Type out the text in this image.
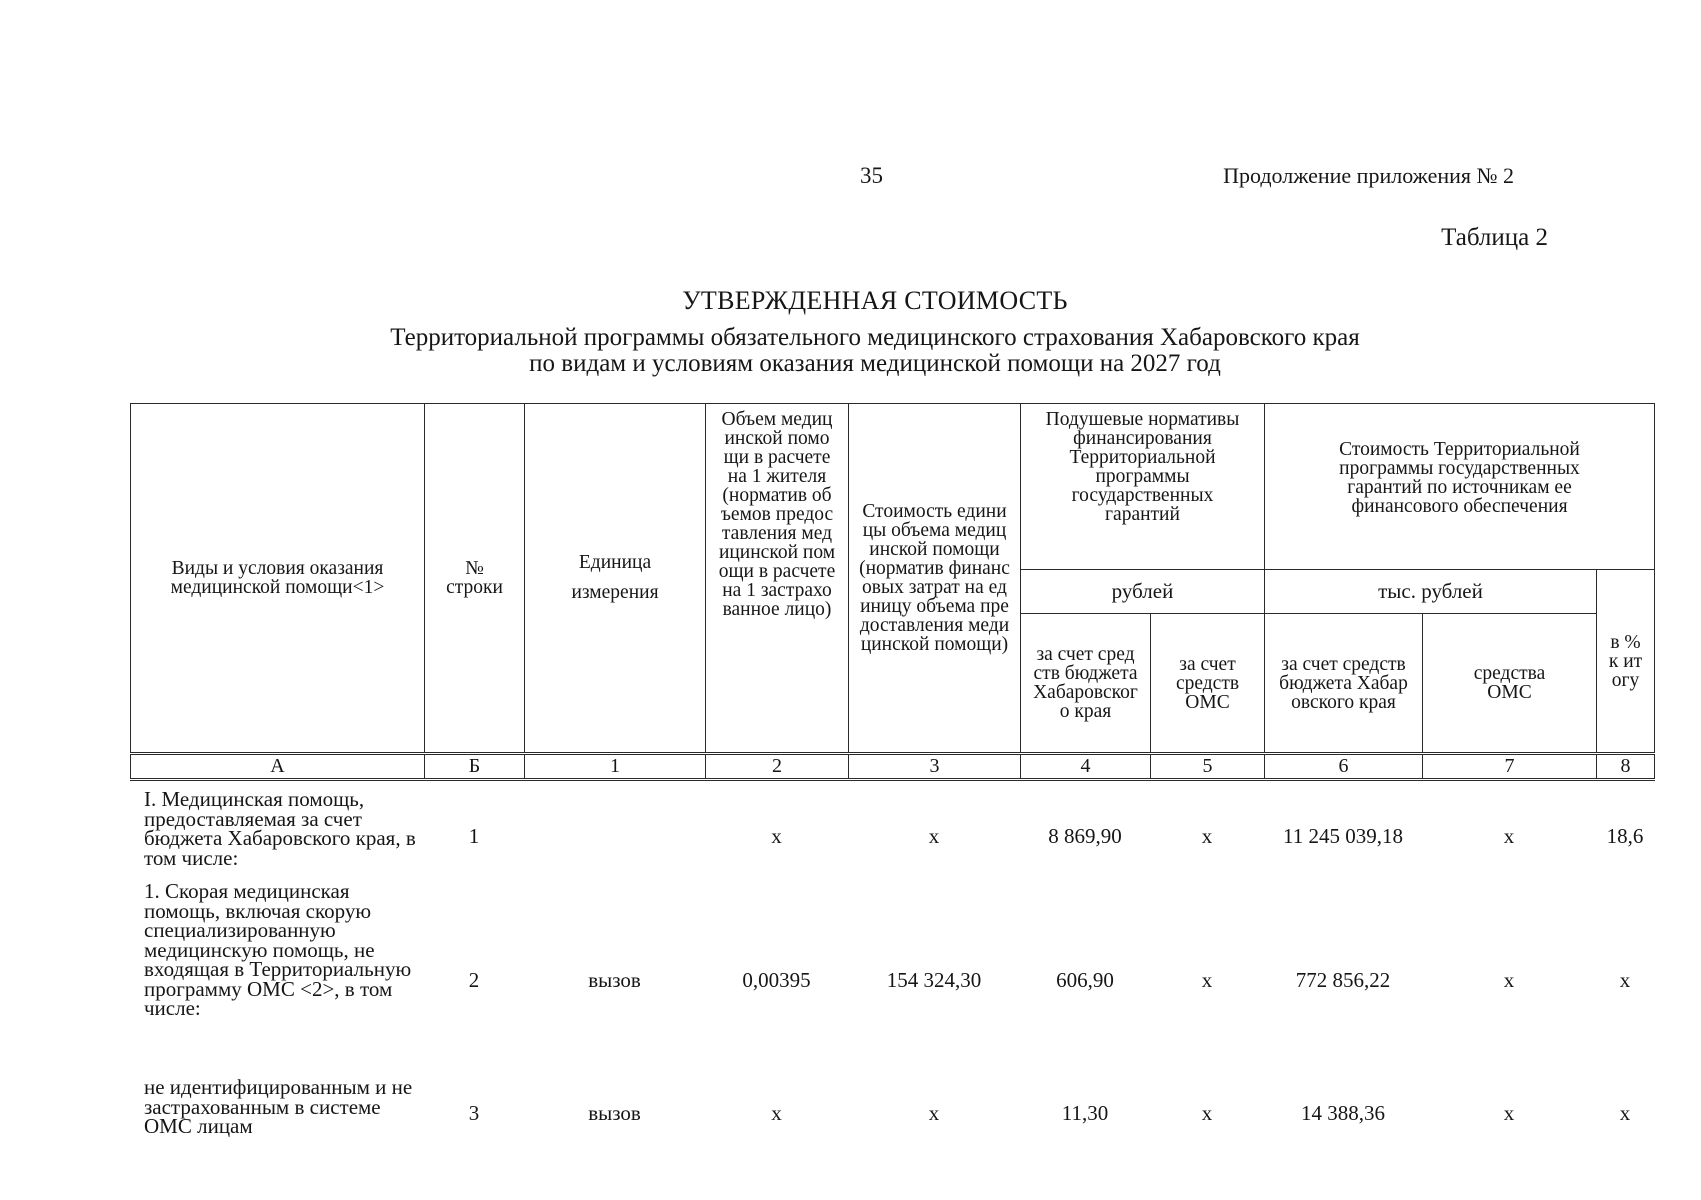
35	Продолжение приложения № 2
Таблица 2
УТВЕРЖДЕННАЯ СТОИМОСТЬ
Территориальной программы обязательного медицинского страхования Хабаровского края
по видам и условиям оказания медицинской помощи на 2027 год
Виды и условия оказания медицинской помощи<1>	№ строки	Единица измерения	Объем медицинской помощи в расчете на 1 жителя (норматив объемов предоставления медицинской помощи в расчете на 1 застрахованное лицо)	Стоимость единицы объема медицинской помощи (норматив финансовых затрат на единицу объема предоставления медицинской помощи)	Подушевые нормативы финансирования Территориальной программы государственных гарантий		Стоимость Территориальной программы государственных гарантий по источникам ее финансового обеспечения		
					рублей		тыс. рублей		в % к итогу
					за счет средств бюджета Хабаровского края	за счет средств ОМС	за счет средств бюджета Хабаровского края	средства ОМС	
А	Б	1	2	3	4	5	6	7	8
I. Медицинская помощь, предоставляемая за счет бюджета Хабаровского края, в том числе:	1		х	х	8 869,90	х	11 245 039,18	х	18,6
1. Скорая медицинская помощь, включая скорую специализированную медицинскую помощь, не входящая в Территориальную программу ОМС <2>, в том числе:	2	вызов	0,00395	154 324,30	606,90	х	772 856,22	х	х
не идентифицированным и не застрахованным в системе ОМС лицам	3	вызов	х	х	11,30	х	14 388,36	х	х
